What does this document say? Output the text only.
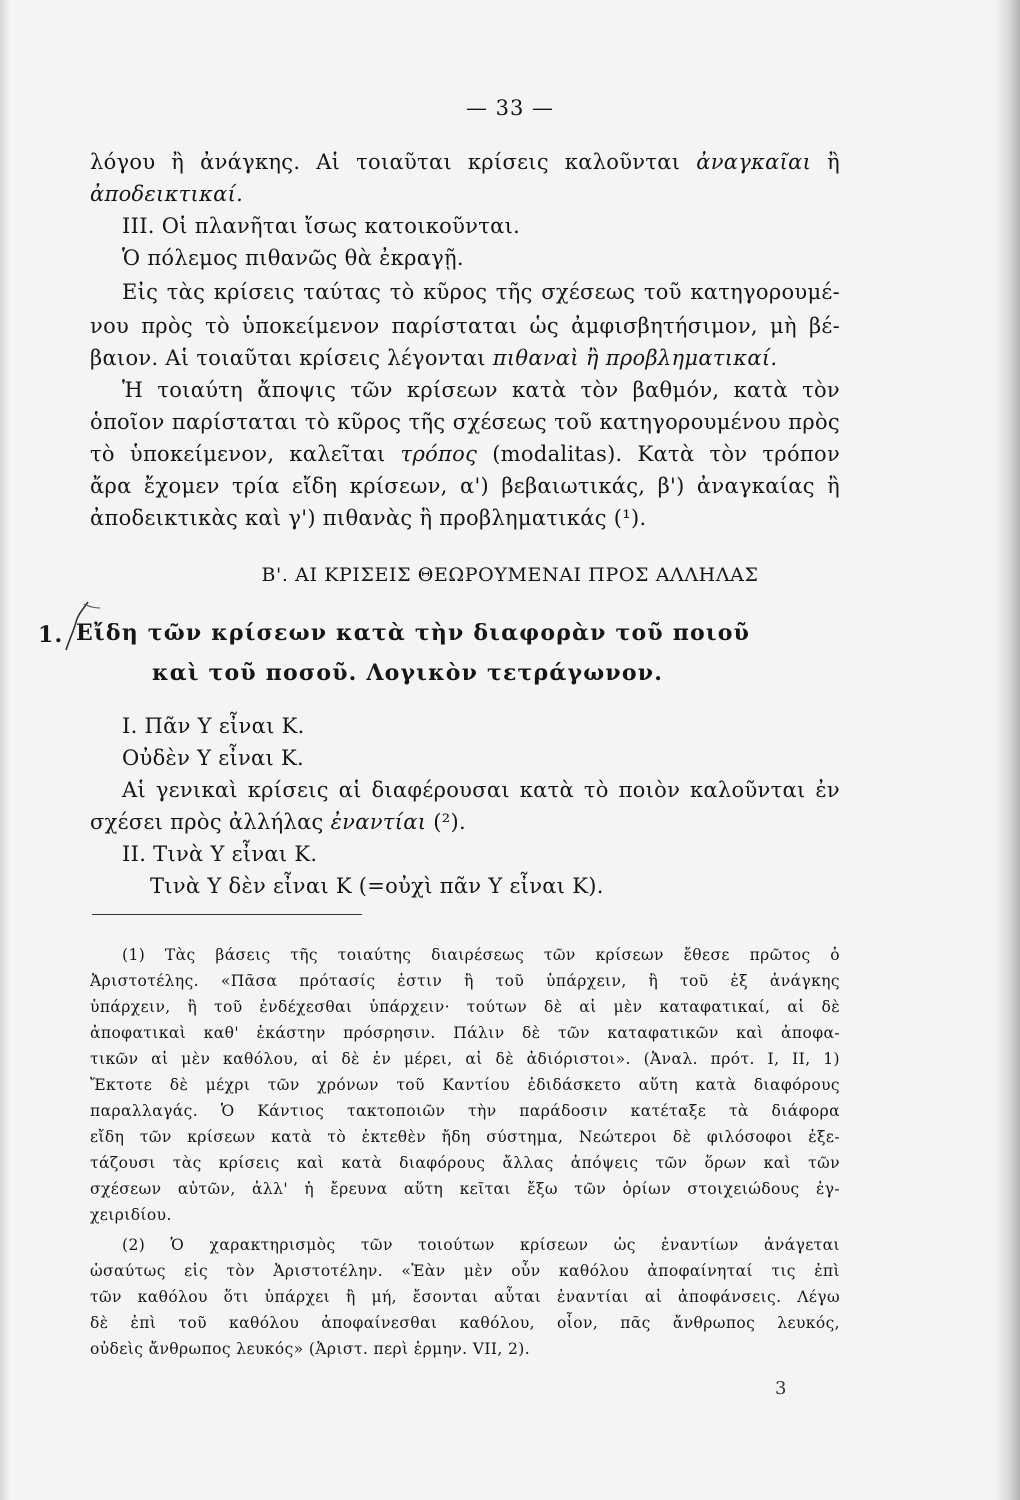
— 33 —
λόγου ἢ ἀνάγκης. Αἱ τοιαῦται κρίσεις καλοῦνται ἀναγκαῖαι ἢ
ἀποδεικτικαί.
III. Οἱ πλανῆται ἴσως κατοικοῦνται.
Ὁ πόλεμος πιθανῶς θὰ ἐκραγῇ.
Εἰς τὰς κρίσεις ταύτας τὸ κῦρος τῆς σχέσεως τοῦ κατηγορουμέ-
νου πρὸς τὸ ὑποκείμενον παρίσταται ὡς ἀμφισβητήσιμον, μὴ βέ-
βαιον. Αἱ τοιαῦται κρίσεις λέγονται πιθαναὶ ἢ προβληματικαί.
Ἡ τοιαύτη ἄποψις τῶν κρίσεων κατὰ τὸν βαθμόν, κατὰ τὸν
ὁποῖον παρίσταται τὸ κῦρος τῆς σχέσεως τοῦ κατηγορουμένου πρὸς
τὸ ὑποκείμενον, καλεῖται τρόπος (modalitas). Κατὰ τὸν τρόπον
ἄρα ἔχομεν τρία εἴδη κρίσεων, α') βεβαιωτικάς, β') ἀναγκαίας ἢ
ἀποδεικτικὰς καὶ γ') πιθανὰς ἢ προβληματικάς (¹).
Β'. ΑΙ ΚΡΙΣΕΙΣ ΘΕΩΡΟΥΜΕΝΑΙ ΠΡΟΣ ΑΛΛΗΛΑΣ
1. Εἴδη τῶν κρίσεων κατὰ τὴν διαφορὰν τοῦ ποιοῦ
καὶ τοῦ ποσοῦ. Λογικὸν τετράγωνον.
I. Πᾶν Υ εἶναι Κ.
Οὐδὲν Υ εἶναι Κ.
Αἱ γενικαὶ κρίσεις αἱ διαφέρουσαι κατὰ τὸ ποιὸν καλοῦνται ἐν
σχέσει πρὸς ἀλλήλας ἐναντίαι (²).
II. Τινὰ Υ εἶναι Κ.
Τινὰ Υ δὲν εἶναι Κ (=οὐχὶ πᾶν Υ εἶναι Κ).
(1) Τὰς βάσεις τῆς τοιαύτης διαιρέσεως τῶν κρίσεων ἔθεσε πρῶτος ὁ
Ἀριστοτέλης. «Πᾶσα πρότασίς ἐστιν ἢ τοῦ ὑπάρχειν, ἢ τοῦ ἐξ ἀνάγκης
ὑπάρχειν, ἢ τοῦ ἐνδέχεσθαι ὑπάρχειν· τούτων δὲ αἱ μὲν καταφατικαί, αἱ δὲ
ἀποφατικαὶ καθ' ἑκάστην πρόσρησιν. Πάλιν δὲ τῶν καταφατικῶν καὶ ἀποφα-
τικῶν αἱ μὲν καθόλου, αἱ δὲ ἐν μέρει, αἱ δὲ ἀδιόριστοι». (Ἀναλ. πρότ. I, II, 1)
Ἔκτοτε δὲ μέχρι τῶν χρόνων τοῦ Καντίου ἐδιδάσκετο αὕτη κατὰ διαφόρους
παραλλαγάς. Ὁ Κάντιος τακτοποιῶν τὴν παράδοσιν κατέταξε τὰ διάφορα
εἴδη τῶν κρίσεων κατὰ τὸ ἐκτεθὲν ἤδη σύστημα, Νεώτεροι δὲ φιλόσοφοι ἐξε-
τάζουσι τὰς κρίσεις καὶ κατὰ διαφόρους ἄλλας ἀπόψεις τῶν ὅρων καὶ τῶν
σχέσεων αὐτῶν, ἀλλ' ἡ ἔρευνα αὕτη κεῖται ἔξω τῶν ὁρίων στοιχειώδους ἐγ-
χειριδίου.
(2) Ὁ χαρακτηρισμὸς τῶν τοιούτων κρίσεων ὡς ἐναντίων ἀνάγεται
ὡσαύτως εἰς τὸν Ἀριστοτέλην. «Ἐὰν μὲν οὖν καθόλου ἀποφαίνηταί τις ἐπὶ
τῶν καθόλου ὅτι ὑπάρχει ἢ μή, ἔσονται αὗται ἐναντίαι αἱ ἀποφάνσεις. Λέγω
δὲ ἐπὶ τοῦ καθόλου ἀποφαίνεσθαι καθόλου, οἷον, πᾶς ἄνθρωπος λευκός,
οὐδεὶς ἄνθρωπος λευκός» (Ἀριστ. περὶ ἑρμην. VII, 2).
3
